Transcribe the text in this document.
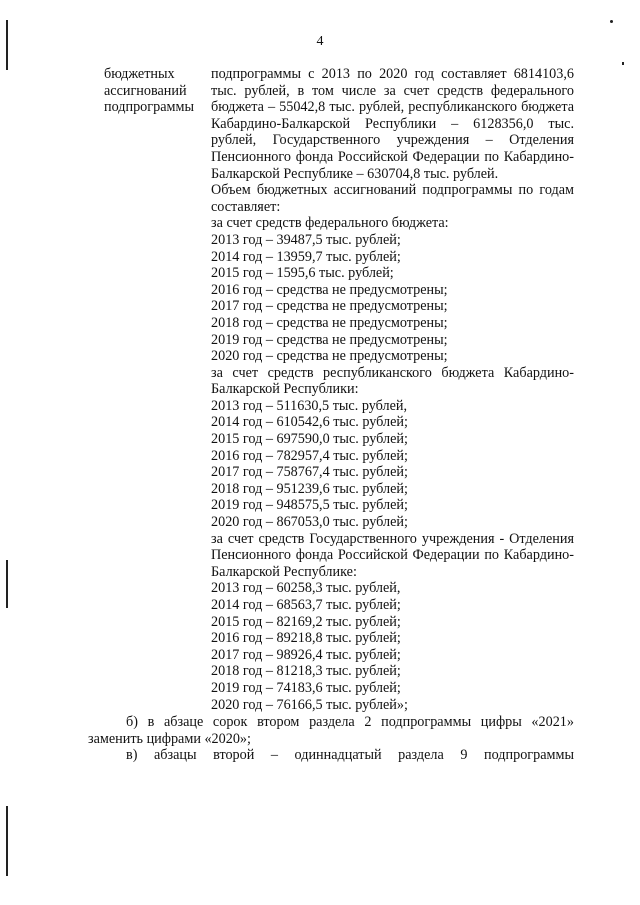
4
бюджетных
ассигнований
подпрограммы
подпрограммы с 2013 по 2020 год составляет 6814103,6 тыс. рублей, в том числе за счет средств федерального бюджета – 55042,8 тыс. рублей, республиканского бюджета Кабардино-Балкарской Республики – 6128356,0 тыс. рублей, Государственного учреждения – Отделения Пенсионного фонда Российской Федерации по Кабардино-Балкарской Республике – 630704,8 тыс. рублей.
Объем бюджетных ассигнований подпрограммы по годам составляет:
за счет средств федерального бюджета:
2013 год – 39487,5 тыс. рублей;
2014 год – 13959,7 тыс. рублей;
2015 год – 1595,6 тыс. рублей;
2016 год – средства не предусмотрены;
2017 год – средства не предусмотрены;
2018 год – средства не предусмотрены;
2019 год – средства не предусмотрены;
2020 год – средства не предусмотрены;
за счет средств республиканского бюджета Кабардино-Балкарской Республики:
2013 год – 511630,5 тыс. рублей,
2014 год – 610542,6 тыс. рублей;
2015 год – 697590,0 тыс. рублей;
2016 год – 782957,4 тыс. рублей;
2017 год – 758767,4 тыс. рублей;
2018 год – 951239,6 тыс. рублей;
2019 год – 948575,5 тыс. рублей;
2020 год – 867053,0 тыс. рублей;
за счет средств Государственного учреждения - Отделения Пенсионного фонда Российской Федерации по Кабардино-Балкарской Республике:
2013 год – 60258,3 тыс. рублей,
2014 год – 68563,7 тыс. рублей;
2015 год – 82169,2 тыс. рублей;
2016 год – 89218,8 тыс. рублей;
2017 год – 98926,4 тыс. рублей;
2018 год – 81218,3 тыс. рублей;
2019 год – 74183,6 тыс. рублей;
2020 год – 76166,5 тыс. рублей»;
б) в абзаце сорок втором раздела 2 подпрограммы цифры «2021» заменить цифрами «2020»;
в) абзацы второй – одиннадцатый раздела 9 подпрограммы
